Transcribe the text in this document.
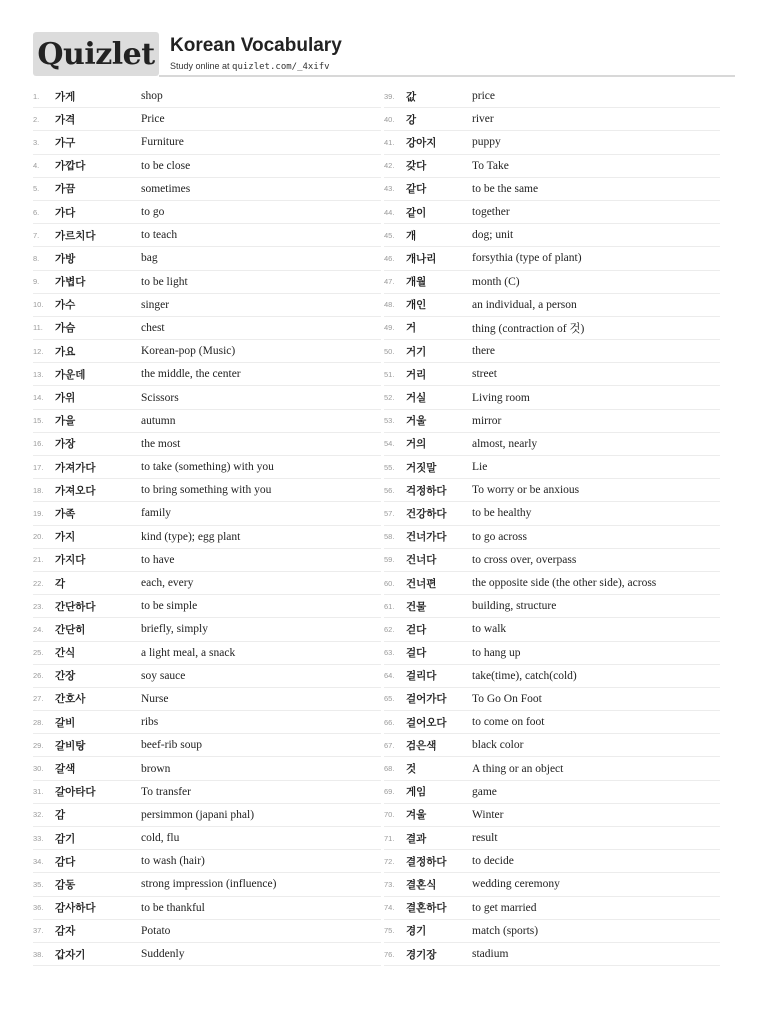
Quizlet Korean Vocabulary
Study online at quizlet.com/_4xifv
1.	가게	shop
2.	가격	Price
3.	가구	Furniture
4.	가깝다	to be close
5.	가끔	sometimes
6.	가다	to go
7.	가르치다	to teach
8.	가방	bag
9.	가볍다	to be light
10.	가수	singer
11.	가슴	chest
12.	가요	Korean-pop (Music)
13.	가운데	the middle, the center
14.	가위	Scissors
15.	가을	autumn
16.	가장	the most
17.	가져가다	to take (something) with you
18.	가져오다	to bring something with you
19.	가족	family
20.	가지	kind (type); egg plant
21.	가지다	to have
22.	각	each, every
23.	간단하다	to be simple
24.	간단히	briefly, simply
25.	간식	a light meal, a snack
26.	간장	soy sauce
27.	간호사	Nurse
28.	갈비	ribs
29.	갈비탕	beef-rib soup
30.	갈색	brown
31.	갈아타다	To transfer
32.	감	persimmon (japani phal)
33.	감기	cold, flu
34.	감다	to wash (hair)
35.	감동	strong impression (influence)
36.	감사하다	to be thankful
37.	감자	Potato
38.	갑자기	Suddenly
39.	값	price
40.	강	river
41.	강아지	puppy
42.	갖다	To Take
43.	같다	to be the same
44.	같이	together
45.	개	dog; unit
46.	개나리	forsythia (type of plant)
47.	개월	month (C)
48.	개인	an individual, a person
49.	거	thing (contraction of 것)
50.	거기	there
51.	거리	street
52.	거실	Living room
53.	거울	mirror
54.	거의	almost, nearly
55.	거짓말	Lie
56.	걱정하다	To worry or be anxious
57.	건강하다	to be healthy
58.	건너가다	to go across
59.	건너다	to cross over, overpass
60.	건너편	the opposite side (the other side), across
61.	건물	building, structure
62.	걷다	to walk
63.	걸다	to hang up
64.	걸리다	take(time), catch(cold)
65.	걸어가다	To Go On Foot
66.	걸어오다	to come on foot
67.	검은색	black color
68.	것	A thing or an object
69.	게임	game
70.	겨울	Winter
71.	결과	result
72.	결정하다	to decide
73.	결혼식	wedding ceremony
74.	결혼하다	to get married
75.	경기	match (sports)
76.	경기장	stadium
